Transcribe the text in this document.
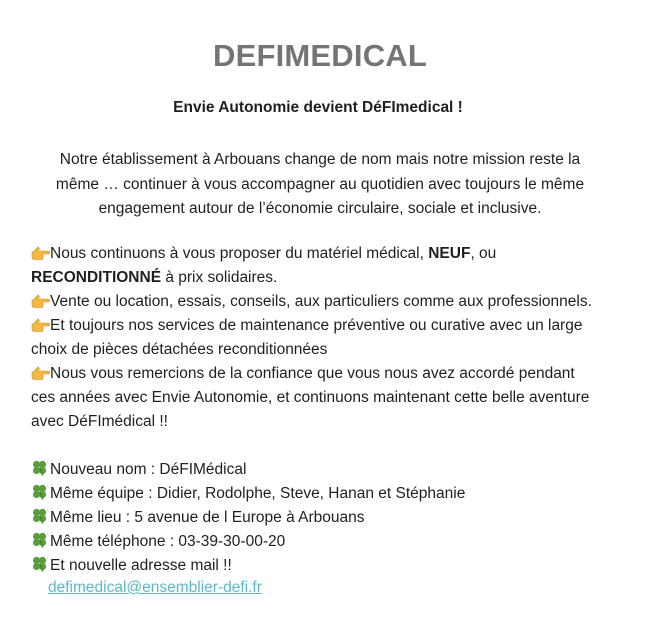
DEFIMEDICAL
Envie Autonomie devient DéFImedical !
Notre établissement à Arbouans change de nom mais notre mission reste la
même … continuer à vous accompagner au quotidien avec toujours le même
engagement autour de l’économie circulaire, sociale et inclusive.
Nous continuons à vous proposer du matériel médical, NEUF, ou
RECONDITIONNÉ à prix solidaires.
Vente ou location, essais, conseils, aux particuliers comme aux professionnels.
Et toujours nos services de maintenance préventive ou curative avec un large
choix de pièces détachées reconditionnées
Nous vous remercions de la confiance que vous nous avez accordé pendant
ces années avec Envie Autonomie, et continuons maintenant cette belle aventure
avec DéFImédical !!
Nouveau nom : DéFIMédical
Même équipe : Didier, Rodolphe, Steve, Hanan et Stéphanie
Même lieu : 5 avenue de l Europe à Arbouans
Même téléphone : 03-39-30-00-20
Et nouvelle adresse mail !!
defimedical@ensemblier-defi.fr
